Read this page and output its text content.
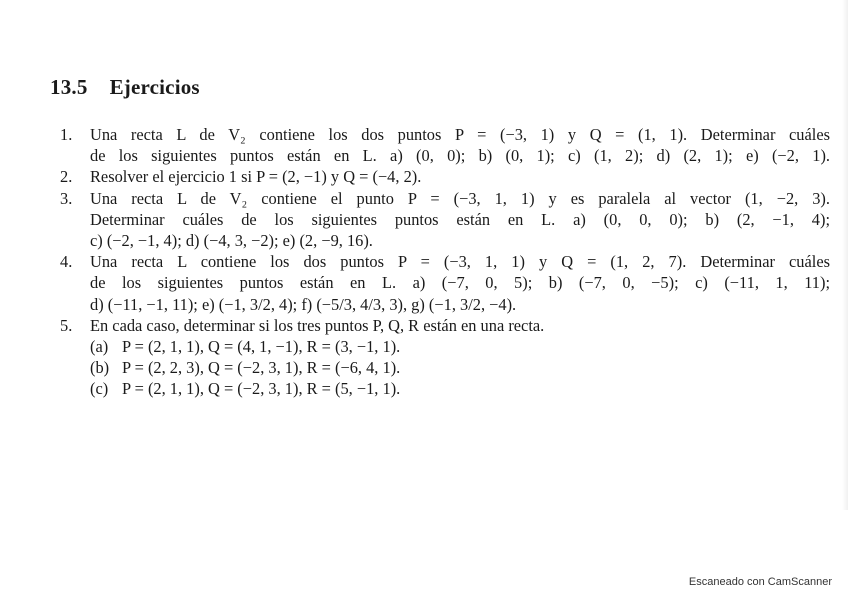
13.5 Ejercicios
1. Una recta L de V₂ contiene los dos puntos P = (−3, 1) y Q = (1, 1). Determinar cuáles
de los siguientes puntos están en L. a) (0, 0); b) (0, 1); c) (1, 2); d) (2, 1); e) (−2, 1).
2. Resolver el ejercicio 1 si P = (2, −1) y Q = (−4, 2).
3. Una recta L de V₂ contiene el punto P = (−3, 1, 1) y es paralela al vector (1, −2, 3).
Determinar cuáles de los siguientes puntos están en L. a) (0, 0, 0); b) (2, −1, 4);
c) (−2, −1, 4); d) (−4, 3, −2); e) (2, −9, 16).
4. Una recta L contiene los dos puntos P = (−3, 1, 1) y Q = (1, 2, 7). Determinar cuáles
de los siguientes puntos están en L. a) (−7, 0, 5); b) (−7, 0, −5); c) (−11, 1, 11);
d) (−11, −1, 11); e) (−1, 3/2, 4); f) (−5/3, 4/3, 3), g) (−1, 3/2, −4).
5. En cada caso, determinar si los tres puntos P, Q, R están en una recta.
(a) P = (2, 1, 1), Q = (4, 1, −1), R = (3, −1, 1).
(b) P = (2, 2, 3), Q = (−2, 3, 1), R = (−6, 4, 1).
(c) P = (2, 1, 1), Q = (−2, 3, 1), R = (5, −1, 1).
Escaneado con CamScanner
